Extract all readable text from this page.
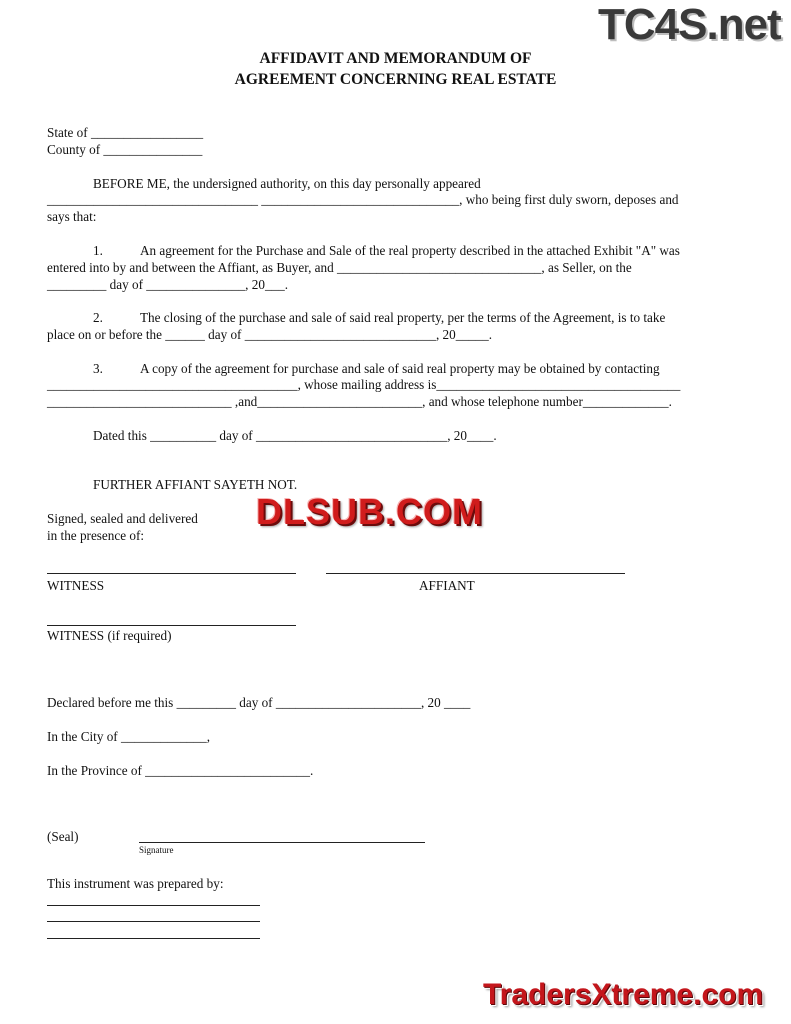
TC4S.net
DLSUB.COM
TradersXtreme.com
AFFIDAVIT AND MEMORANDUM OF
AGREEMENT CONCERNING REAL ESTATE
State of _________________
County of _______________
BEFORE ME, the undersigned authority, on this day personally appeared
________________________________ ______________________________, who being first duly sworn, deposes and
says that:
1.	An agreement for the Purchase and Sale of the real property described in the attached Exhibit "A" was
entered into by and between the Affiant, as Buyer, and _______________________________, as Seller, on the
_________ day of _______________, 20___.
2.	The closing of the purchase and sale of said real property, per the terms of the Agreement, is to take
place on or before the ______ day of _____________________________, 20_____.
3.	A copy of the agreement for purchase and sale of said real property may be obtained by contacting
______________________________________, whose mailing address is_____________________________________
____________________________ ,and_________________________, and whose telephone number_____________.
Dated this __________ day of _____________________________, 20____.
FURTHER AFFIANT SAYETH NOT.
Signed, sealed and delivered
in the presence of:
WITNESS	AFFIANT
WITNESS (if required)
Declared before me this _________ day of ______________________, 20 ____
In the City of _____________,
In the Province of _________________________.
(Seal)
Signature
This instrument was prepared by:
